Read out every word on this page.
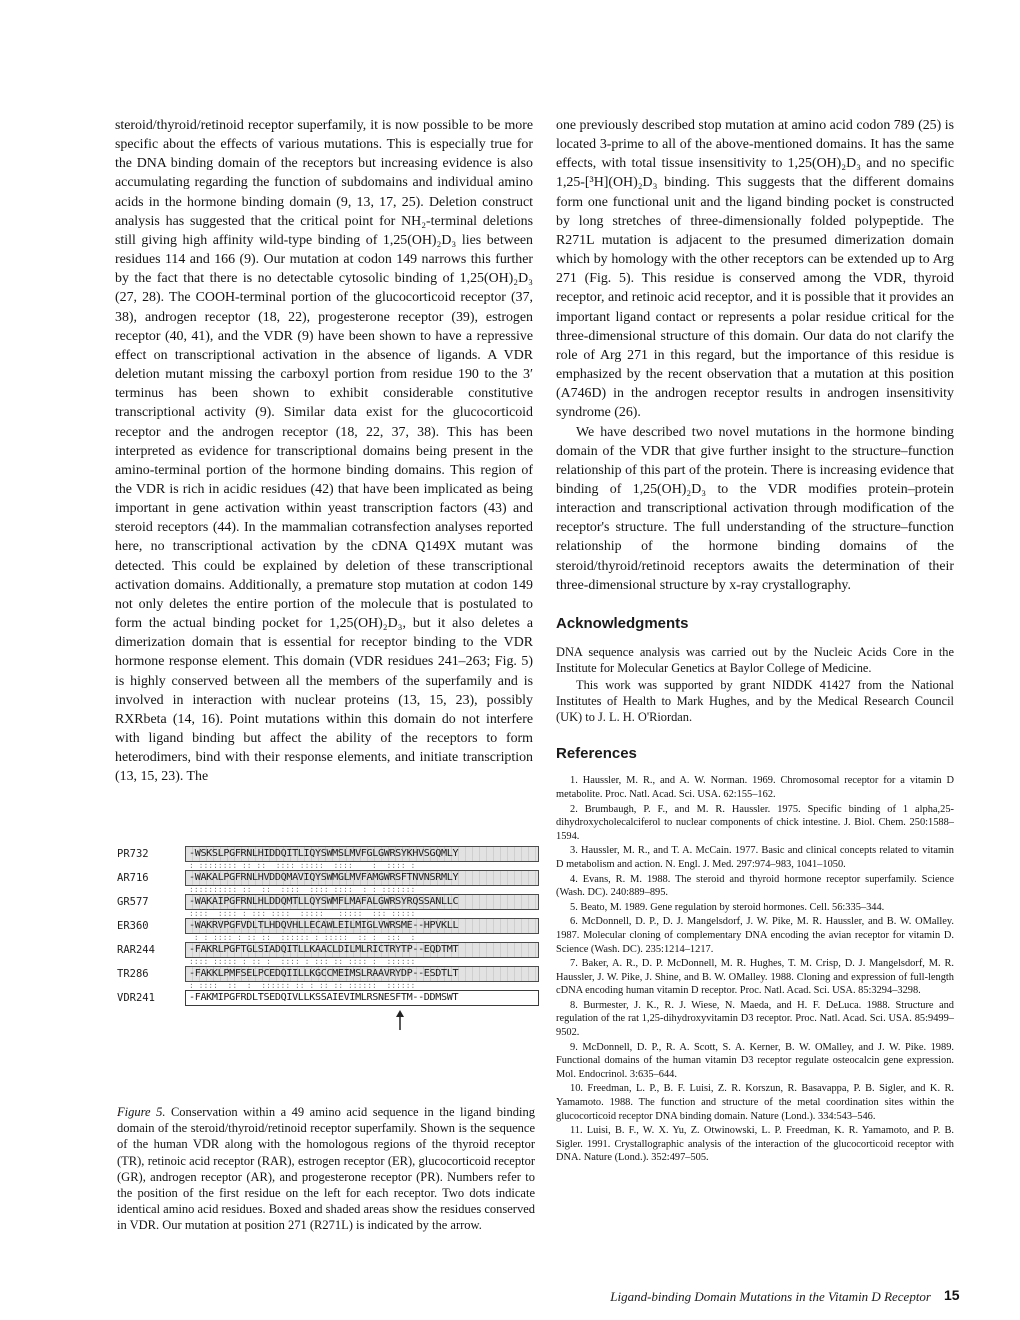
steroid/thyroid/retinoid receptor superfamily, it is now possible to be more specific about the effects of various mutations. This is especially true for the DNA binding domain of the receptors but increasing evidence is also accumulating regarding the function of subdomains and individual amino acids in the hormone binding domain (9, 13, 17, 25). Deletion construct analysis has suggested that the critical point for NH₂-terminal deletions still giving high affinity wild-type binding of 1,25(OH)₂D₃ lies between residues 114 and 166 (9). Our mutation at codon 149 narrows this further by the fact that there is no detectable cytosolic binding of 1,25(OH)₂D₃ (27, 28). The COOH-terminal portion of the glucocorticoid receptor (37, 38), androgen receptor (18, 22), progesterone receptor (39), estrogen receptor (40, 41), and the VDR (9) have been shown to have a repressive effect on transcriptional activation in the absence of ligands. A VDR deletion mutant missing the carboxyl portion from residue 190 to the 3′ terminus has been shown to exhibit considerable constitutive transcriptional activity (9). Similar data exist for the glucocorticoid receptor and the androgen receptor (18, 22, 37, 38). This has been interpreted as evidence for transcriptional domains being present in the amino-terminal portion of the hormone binding domains. This region of the VDR is rich in acidic residues (42) that have been implicated as being important in gene activation within yeast transcription factors (43) and steroid receptors (44). In the mammalian cotransfection analyses reported here, no transcriptional activation by the cDNA Q149X mutant was detected. This could be explained by deletion of these transcriptional activation domains. Additionally, a premature stop mutation at codon 149 not only deletes the entire portion of the molecule that is postulated to form the actual binding pocket for 1,25(OH)₂D₃, but it also deletes a dimerization domain that is essential for receptor binding to the VDR hormone response element. This domain (VDR residues 241–263; Fig. 5) is highly conserved between all the members of the superfamily and is involved in interaction with nuclear proteins (13, 15, 23), possibly RXRbeta (14, 16). Point mutations within this domain do not interfere with ligand binding but affect the ability of the receptors to form heterodimers, bind with their response elements, and initiate transcription (13, 15, 23). The

PR732	-WSKSLPGFRNLHIDDQITLIQYSWMSLMVFGLGWRSYKHVSGQMLY
: :::::::: :: ::  :::: :::::  ::::    :  :::: :
AR716	-WAKALPGFRNLHVDDQMAVIQYSWMGLMVFAMGWRSFTNVNSRMLY
:::::::::: ::  ::  ::::  :::: ::::  : : :::::::
GR577	-WAKAIPGFRNLHLDDQMTLLQYSWMFLMAFALGWRSYRQSSANLLC
::::  :::: : ::: ::::  :::::   :::::  ::: :::::
ER360	-WAKRVPGFVDLTLHDQVHLLECAWLEILMIGLVWRSME--HPVKLL
: : :::: : :: ::  :::::: : :::::  :: :  :::  :
RAR244	-FAKRLPGFTGLSIADQITLLKAACLDILMLRICTRYTP--EQDTMT
:::: ::::: : :: :  :::: : ::: :: :::: :  ::::::
TR286	-FAKKLPMFSELPCEDQIILLKGCCMEIMSLRAAVRYDP--ESDTLT
: ::::  ::  :  :::::: :: : :: :: ::::::  ::::::
VDR241	-FAKMIPGFRDLTSEDQIVLLKSSAIEVIMLRSNESFTM--DDMSWT

Figure 5. Conservation within a 49 amino acid sequence in the ligand binding domain of the steroid/thyroid/retinoid receptor superfamily. Shown is the sequence of the human VDR along with the homologous regions of the thyroid receptor (TR), retinoic acid receptor (RAR), estrogen receptor (ER), glucocorticoid receptor (GR), androgen receptor (AR), and progesterone receptor (PR). Numbers refer to the position of the first residue on the left for each receptor. Two dots indicate identical amino acid residues. Boxed and shaded areas show the residues conserved in VDR. Our mutation at position 271 (R271L) is indicated by the arrow.

one previously described stop mutation at amino acid codon 789 (25) is located 3-prime to all of the above-mentioned domains. It has the same effects, with total tissue insensitivity to 1,25(OH)₂D₃ and no specific 1,25-[³H](OH)₂D₃ binding. This suggests that the different domains form one functional unit and the ligand binding pocket is constructed by long stretches of three-dimensionally folded polypeptide. The R271L mutation is adjacent to the presumed dimerization domain which by homology with the other receptors can be extended up to Arg 271 (Fig. 5). This residue is conserved among the VDR, thyroid receptor, and retinoic acid receptor, and it is possible that it provides an important ligand contact or represents a polar residue critical for the three-dimensional structure of this domain. Our data do not clarify the role of Arg 271 in this regard, but the importance of this residue is emphasized by the recent observation that a mutation at this position (A746D) in the androgen receptor results in androgen insensitivity syndrome (26).

We have described two novel mutations in the hormone binding domain of the VDR that give further insight to the structure–function relationship of this part of the protein. There is increasing evidence that binding of 1,25(OH)₂D₃ to the VDR modifies protein–protein interaction and transcriptional activation through modification of the receptor's structure. The full understanding of the structure–function relationship of the hormone binding domains of the steroid/thyroid/retinoid receptors awaits the determination of their three-dimensional structure by x-ray crystallography.

Acknowledgments

DNA sequence analysis was carried out by the Nucleic Acids Core in the Institute for Molecular Genetics at Baylor College of Medicine.

This work was supported by grant NIDDK 41427 from the National Institutes of Health to Mark Hughes, and by the Medical Research Council (UK) to J. L. H. O'Riordan.

References
1. Haussler, M. R., and A. W. Norman. 1969. Chromosomal receptor for a vitamin D metabolite. Proc. Natl. Acad. Sci. USA. 62:155–162.
2. Brumbaugh, P. F., and M. R. Haussler. 1975. Specific binding of 1 alpha,25-dihydroxycholecalciferol to nuclear components of chick intestine. J. Biol. Chem. 250:1588–1594.
3. Haussler, M. R., and T. A. McCain. 1977. Basic and clinical concepts related to vitamin D metabolism and action. N. Engl. J. Med. 297:974–983, 1041–1050.
4. Evans, R. M. 1988. The steroid and thyroid hormone receptor superfamily. Science (Wash. DC). 240:889–895.
5. Beato, M. 1989. Gene regulation by steroid hormones. Cell. 56:335–344.
6. McDonnell, D. P., D. J. Mangelsdorf, J. W. Pike, M. R. Haussler, and B. W. OMalley. 1987. Molecular cloning of complementary DNA encoding the avian receptor for vitamin D. Science (Wash. DC). 235:1214–1217.
7. Baker, A. R., D. P. McDonnell, M. R. Hughes, T. M. Crisp, D. J. Mangelsdorf, M. R. Haussler, J. W. Pike, J. Shine, and B. W. OMalley. 1988. Cloning and expression of full-length cDNA encoding human vitamin D receptor. Proc. Natl. Acad. Sci. USA. 85:3294–3298.
8. Burmester, J. K., R. J. Wiese, N. Maeda, and H. F. DeLuca. 1988. Structure and regulation of the rat 1,25-dihydroxyvitamin D3 receptor. Proc. Natl. Acad. Sci. USA. 85:9499–9502.
9. McDonnell, D. P., R. A. Scott, S. A. Kerner, B. W. OMalley, and J. W. Pike. 1989. Functional domains of the human vitamin D3 receptor regulate osteocalcin gene expression. Mol. Endocrinol. 3:635–644.
10. Freedman, L. P., B. F. Luisi, Z. R. Korszun, R. Basavappa, P. B. Sigler, and K. R. Yamamoto. 1988. The function and structure of the metal coordination sites within the glucocorticoid receptor DNA binding domain. Nature (Lond.). 334:543–546.
11. Luisi, B. F., W. X. Yu, Z. Otwinowski, L. P. Freedman, K. R. Yamamoto, and P. B. Sigler. 1991. Crystallographic analysis of the interaction of the glucocorticoid receptor with DNA. Nature (Lond.). 352:497–505.
Ligand-binding Domain Mutations in the Vitamin D Receptor 15
